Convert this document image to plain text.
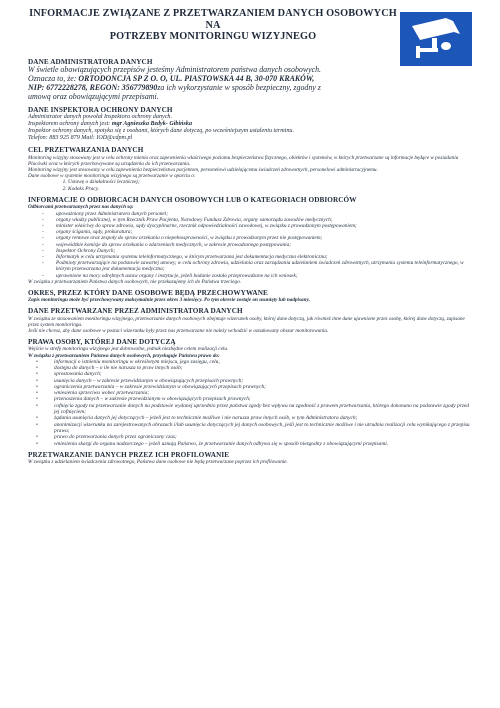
INFORMACJE ZWIĄZANE Z PRZETWARZANIEM DANYCH OSOBOWYCH NA
POTRZEBY MONITORINGU WIZYJNEGO
DANE ADMINISTRATORA DANYCH

W świetle obowiązujących przepisów jesteśmy Administratorem państwa danych osobowych.

Oznacza to, że: ORTODONCJA SP Z O. O, UL. PIASTOWSKA 44 B, 30-070 KRAKÓW,

NIP: 6772228278, REGON: 356779890za ich wykorzystanie w sposób bezpieczny, zgodny z

umową oraz obowiązującymi przepisami.

DANE INSPEKTORA OCHRONY DANYCH

Administrator danych powołał Inspektora ochrony danych.

Inspektorem ochrony danych jest: mgr Agnieszka Bzdyk- Gibińska

Inspektor ochrony danych, spotyka się z osobami, których dane dotyczą, po wcześniejszym ustaleniu terminu.

Telefon: 883 925 879 Mail: IOD@cdpm.pl

CEL PRZETWARZANIA DANYCH

Monitoring wizyjny stosowany jest w celu ochrony mienia oraz zapewnienia właściwego poziomu bezpieczeństwa fizycznego, obiektów i systemów, w których przetwarzane są informacje będące w posiadaniu Placówki oraz w których przechowywane są urządzenia do ich przetwarzania.

Monitoring wizyjny jest stosowany w celu zapewnienia bezpieczeństwa pacjentom, personelowi udzielającemu świadczeń zdrowotnych, personelowi administracyjnemu.

Dane osobowe w systemie monitoringu wizyjnego są przetwarzanie w oparciu o:

1. Ustawę o działalności leczniczej;
2. Kodeks Pracy.
INFORMACJE O ODBIORCACH DANYCH OSOBOWYCH LUB O KATEGORIACH ODBIORCÓW

Odbiorcami przetwarzanych przez nas danych są:

- upoważniony przez Administratora danych personel;
- organy władzy publicznej, w tym Rzecznik Praw Pacjenta, Narodowy Fundusz Zdrowia, organy samorządu zawodów medycznych;
- minister właściwy do spraw zdrowia, sądy dyscyplinarne, rzecznik odpowiedzialności zawodowej, w związku z prowadzonym postępowaniem;
- organy ścigania, sądy, prokuratura;
- organy rentowe oraz zespoły do spraw orzekania o niepełnosprawności, w związku z prowadzonym przez nie postępowaniem;
- wojewódzkie komisje do spraw orzekania o zdarzeniach medycznych, w zakresie prowadzonego postępowania;
- Inspektor Ochrony Danych;
- Informatyk w celu utrzymania systemu teleinformatycznego, w którym przetwarzana jest dokumentacja medyczna elektroniczna;
- Podmioty przetwarzające na podstawie zawartej umowy, w celu ochrony zdrowia, udzielania oraz zarządzania udzielaniem świadczeń zdrowotnych, utrzymania systemu teleinformatycznego, w którym przetwarzana jest dokumentacja medyczna;
- uprawnione na mocy odrębnych ustaw organy i instytucje, jeżeli badanie zostało przeprowadzone na ich wniosek;

W związku z przetwarzaniem Państwa danych osobowych, nie przekazujemy ich do Państwa trzeciego.

OKRES, PRZEZ KTÓRY DANE OSOBOWE BĘDĄ PRZECHOWYWANE

Zapis monitoringu może być przechowywany maksymalnie przez okres 3 miesięcy. Po tym okresie zostaje on usunięty lub nadpisany.

DANE PRZETWARZANE PRZEZ ADMINISTRATORA DANYCH

W związku ze stosowaniem monitoringu wizyjnego, przetwarzanie danych osobowych obejmuje wizerunek osoby, której dane dotyczą, jak również inne dane ujawnione przez osobę, której dane dotyczą, zapisane przez system monitoringu.

Jeśli nie chcesz, aby dane osobowe w postaci wizerunku były przez nas przetwarzane nie należy wchodzić w oznakowany obszar monitorowania.

PRAWA OSOBY, KTÓREJ DANE DOTYCZĄ

Wejście w strefę monitoringu wizyjnego jest dobrowolne, jednak niezbędne celem realizacji celu.

W związku z przetwarzaniem Państwa danych osobowych, przysługuje Państwu prawo do:

• informacji o istnieniu monitoringu w określonym miejscu, jego zasięgu, celu,
• dostępu do danych – o ile nie narusza to praw innych osób;
• sprostowania danych;
• usunięcia danych – w zakresie przewidzianym w obowiązujących przepisach prawnych;
• ograniczenia przetwarzania – w zakresie przewidzianym w obowiązujących przepisach prawnych;
• wniesienia sprzeciwu wobec przetwarzania;
• przenoszenia danych – w zakresie przewidzianym w obowiązujących przepisach prawnych;
• cofnięcia zgody na przetwarzanie danych na podstawie wydanej uprzednio przez państwa zgody bez wpływu na zgodność z prawem przetwarzania, którego dokonano na podstawie zgody przed jej cofnięciem;
• żądania usunięcia danych jej dotyczących – jeżeli jest to technicznie możliwe i nie narusza praw innych osób, w tym Administratora danych;
• anonimizacji wizerunku na zarejestrowanych obrazach i/lub usunięcia dotyczących jej danych osobowych, jeśli jest to technicznie możliwe i nie utrudnia realizacji celu wynikającego z przepisu prawa;
• prawo do przetwarzania danych przez ograniczony czas;
• wniesienia skargi do organu nadzorczego – jeżeli uznają Państwo, że przetwarzanie danych odbywa się w sposób niezgodny z obowiązującymi przepisami.
PRZETWARZANIE DANYCH PRZEZ ICH PROFILOWANIE

W związku z udzielaniem świadczenia zdrowotnego, Państwa dane osobowe nie będą przetwarzane poprzez ich profilowanie.
